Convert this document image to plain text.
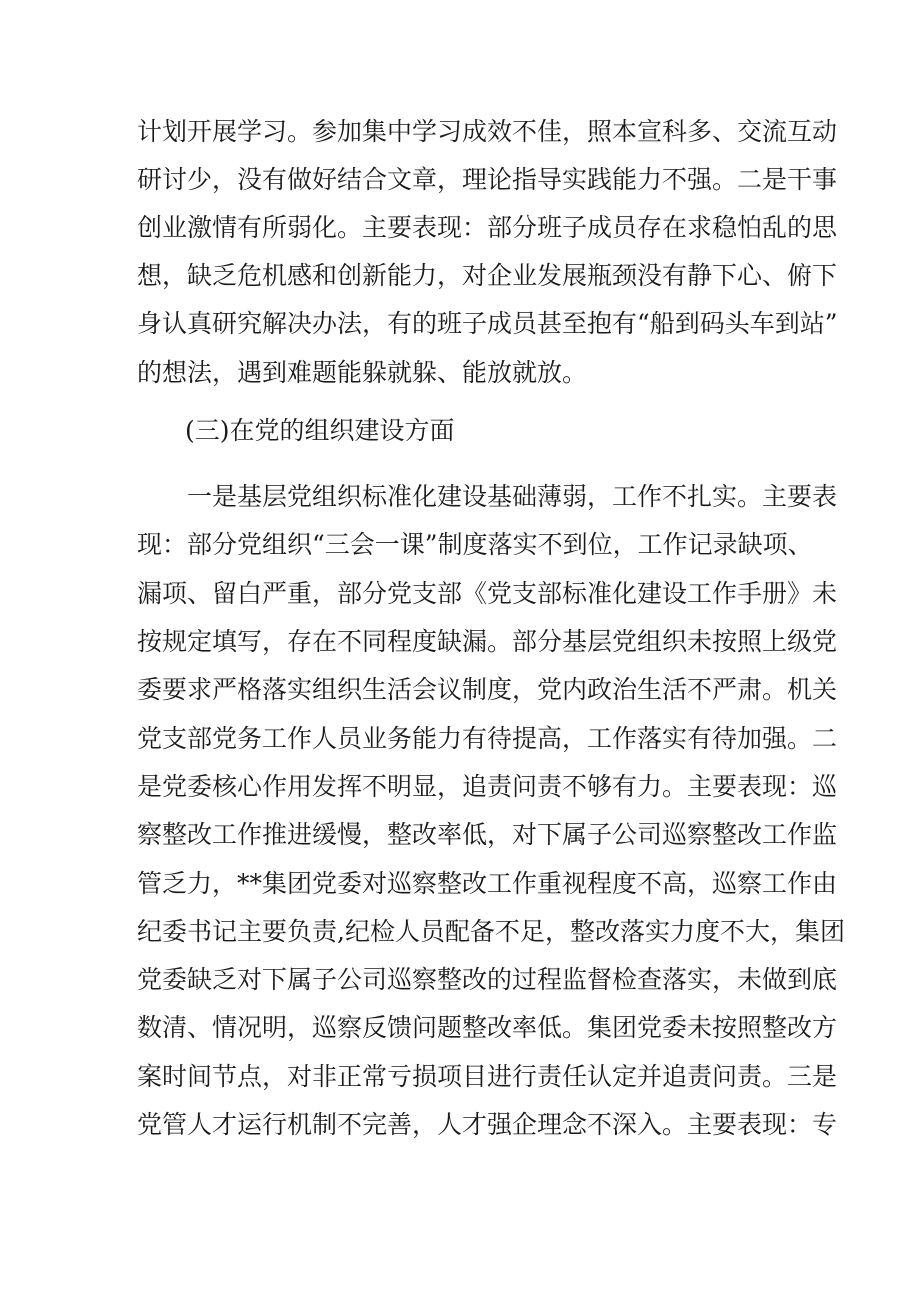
计划开展学习。参加集中学习成效不佳，照本宣科多、交流互动
研讨少，没有做好结合文章，理论指导实践能力不强。二是干事
创业激情有所弱化。主要表现：部分班子成员存在求稳怕乱的思
想，缺乏危机感和创新能力，对企业发展瓶颈没有静下心、俯下
身认真研究解决办法，有的班子成员甚至抱有“船到码头车到站”
的想法，遇到难题能躲就躲、能放就放。
(三)在党的组织建设方面
一是基层党组织标准化建设基础薄弱，工作不扎实。主要表
现：部分党组织“三会一课”制度落实不到位，工作记录缺项、
漏项、留白严重，部分党支部《党支部标准化建设工作手册》未
按规定填写，存在不同程度缺漏。部分基层党组织未按照上级党
委要求严格落实组织生活会议制度，党内政治生活不严肃。机关
党支部党务工作人员业务能力有待提高，工作落实有待加强。二
是党委核心作用发挥不明显，追责问责不够有力。主要表现：巡
察整改工作推进缓慢，整改率低，对下属子公司巡察整改工作监
管乏力，**集团党委对巡察整改工作重视程度不高，巡察工作由
纪委书记主要负责,纪检人员配备不足，整改落实力度不大，集团
党委缺乏对下属子公司巡察整改的过程监督检查落实，未做到底
数清、情况明，巡察反馈问题整改率低。集团党委未按照整改方
案时间节点，对非正常亏损项目进行责任认定并追责问责。三是
党管人才运行机制不完善，人才强企理念不深入。主要表现：专
